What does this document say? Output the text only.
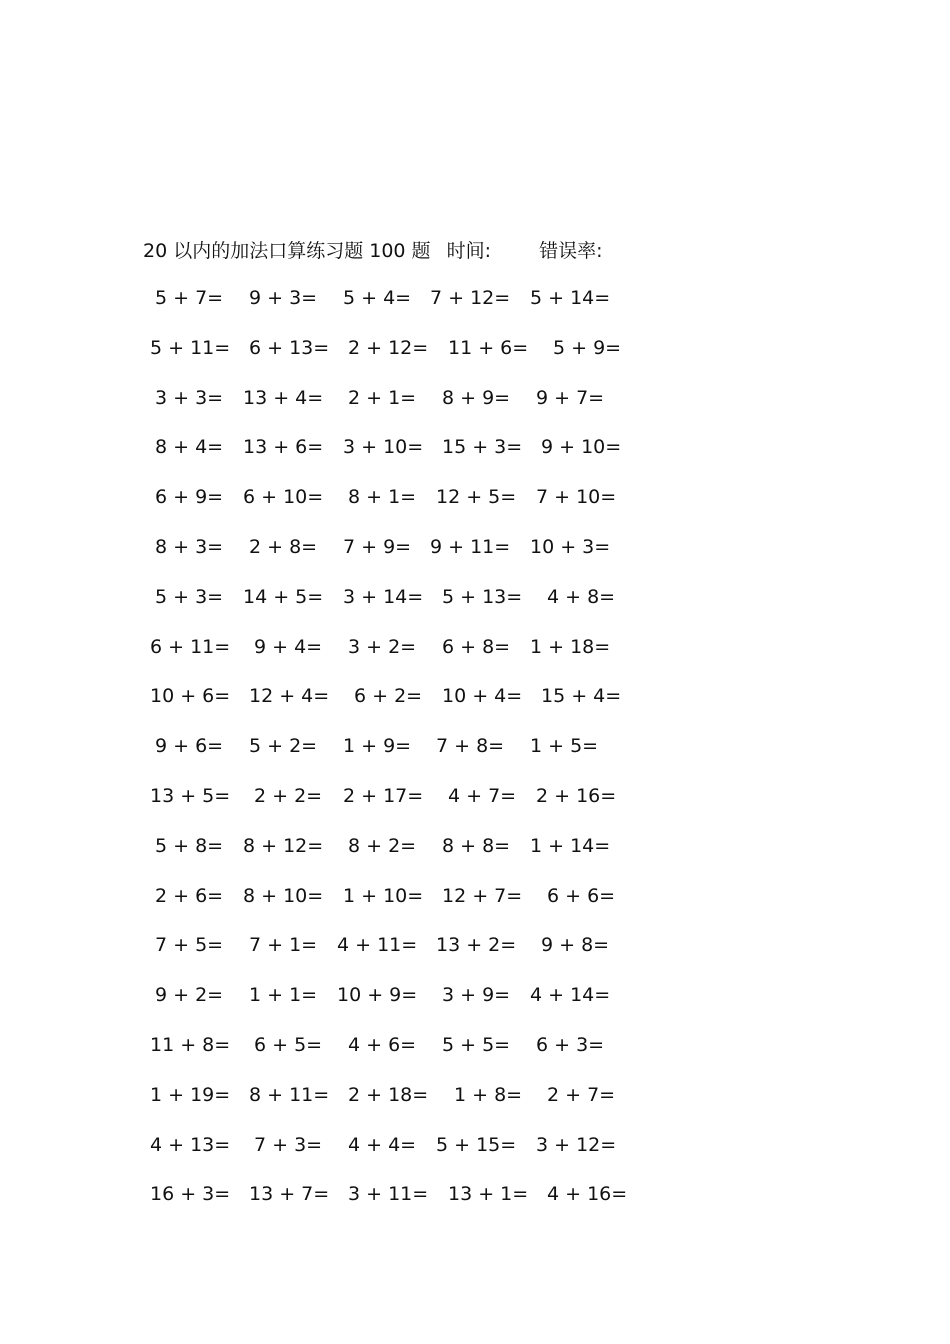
20 以内的加法口算练习题 100 题 时间:	错误率:
5 + 7= 9 + 3= 5 + 4= 7 + 12= 5 + 14=
5 + 11= 6 + 13= 2 + 12= 11 + 6= 5 + 9=
3 + 3= 13 + 4= 2 + 1= 8 + 9= 9 + 7=
8 + 4= 13 + 6= 3 + 10= 15 + 3= 9 + 10=
6 + 9= 6 + 10= 8 + 1= 12 + 5= 7 + 10=
8 + 3= 2 + 8= 7 + 9= 9 + 11= 10 + 3=
5 + 3= 14 + 5= 3 + 14= 5 + 13= 4 + 8=
6 + 11= 9 + 4= 3 + 2= 6 + 8= 1 + 18=
10 + 6= 12 + 4= 6 + 2= 10 + 4= 15 + 4=
9 + 6= 5 + 2= 1 + 9= 7 + 8= 1 + 5=
13 + 5= 2 + 2= 2 + 17= 4 + 7= 2 + 16=
5 + 8= 8 + 12= 8 + 2= 8 + 8= 1 + 14=
2 + 6= 8 + 10= 1 + 10= 12 + 7= 6 + 6=
7 + 5= 7 + 1= 4 + 11= 13 + 2= 9 + 8=
9 + 2= 1 + 1= 10 + 9= 3 + 9= 4 + 14=
11 + 8= 6 + 5= 4 + 6= 5 + 5= 6 + 3=
1 + 19= 8 + 11= 2 + 18= 1 + 8= 2 + 7=
4 + 13= 7 + 3= 4 + 4= 5 + 15= 3 + 12=
16 + 3= 13 + 7= 3 + 11= 13 + 1= 4 + 16=
